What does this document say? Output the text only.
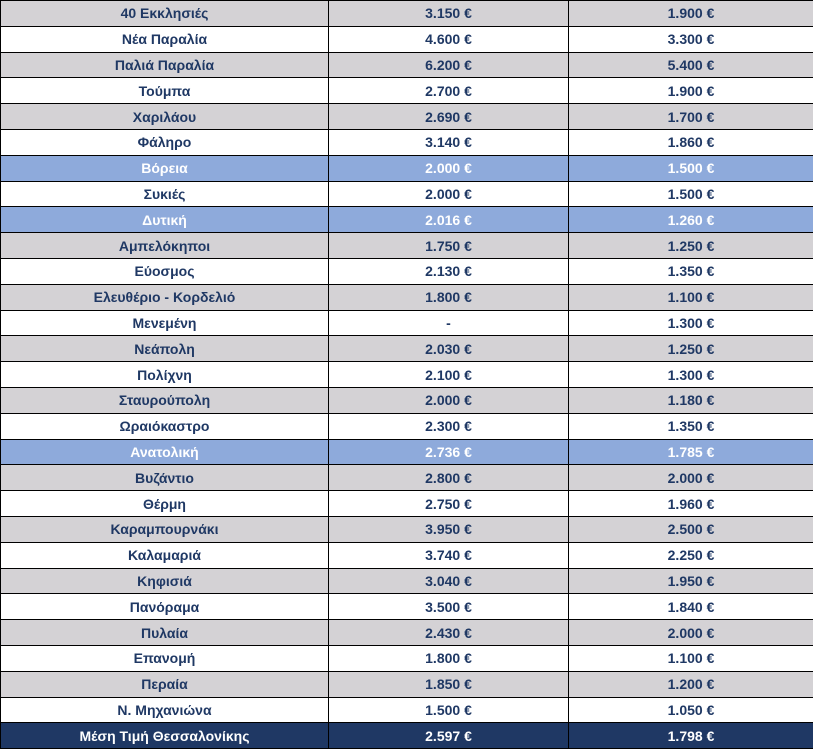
40 Εκκλησιές	3.150 €	1.900 €
Νέα Παραλία	4.600 €	3.300 €
Παλιά Παραλία	6.200 €	5.400 €
Τούμπα	2.700 €	1.900 €
Χαριλάου	2.690 €	1.700 €
Φάληρο	3.140 €	1.860 €
Βόρεια	2.000 €	1.500 €
Συκιές	2.000 €	1.500 €
Δυτική	2.016 €	1.260 €
Αμπελόκηποι	1.750 €	1.250 €
Εύοσμος	2.130 €	1.350 €
Ελευθέριο - Κορδελιό	1.800 €	1.100 €
Μενεμένη	-	1.300 €
Νεάπολη	2.030 €	1.250 €
Πολίχνη	2.100 €	1.300 €
Σταυρούπολη	2.000 €	1.180 €
Ωραιόκαστρο	2.300 €	1.350 €
Ανατολική	2.736 €	1.785 €
Βυζάντιο	2.800 €	2.000 €
Θέρμη	2.750 €	1.960 €
Καραμπουρνάκι	3.950 €	2.500 €
Καλαμαριά	3.740 €	2.250 €
Κηφισιά	3.040 €	1.950 €
Πανόραμα	3.500 €	1.840 €
Πυλαία	2.430 €	2.000 €
Επανομή	1.800 €	1.100 €
Περαία	1.850 €	1.200 €
Ν. Μηχανιώνα	1.500 €	1.050 €
Μέση Τιμή Θεσσαλονίκης	2.597 €	1.798 €
